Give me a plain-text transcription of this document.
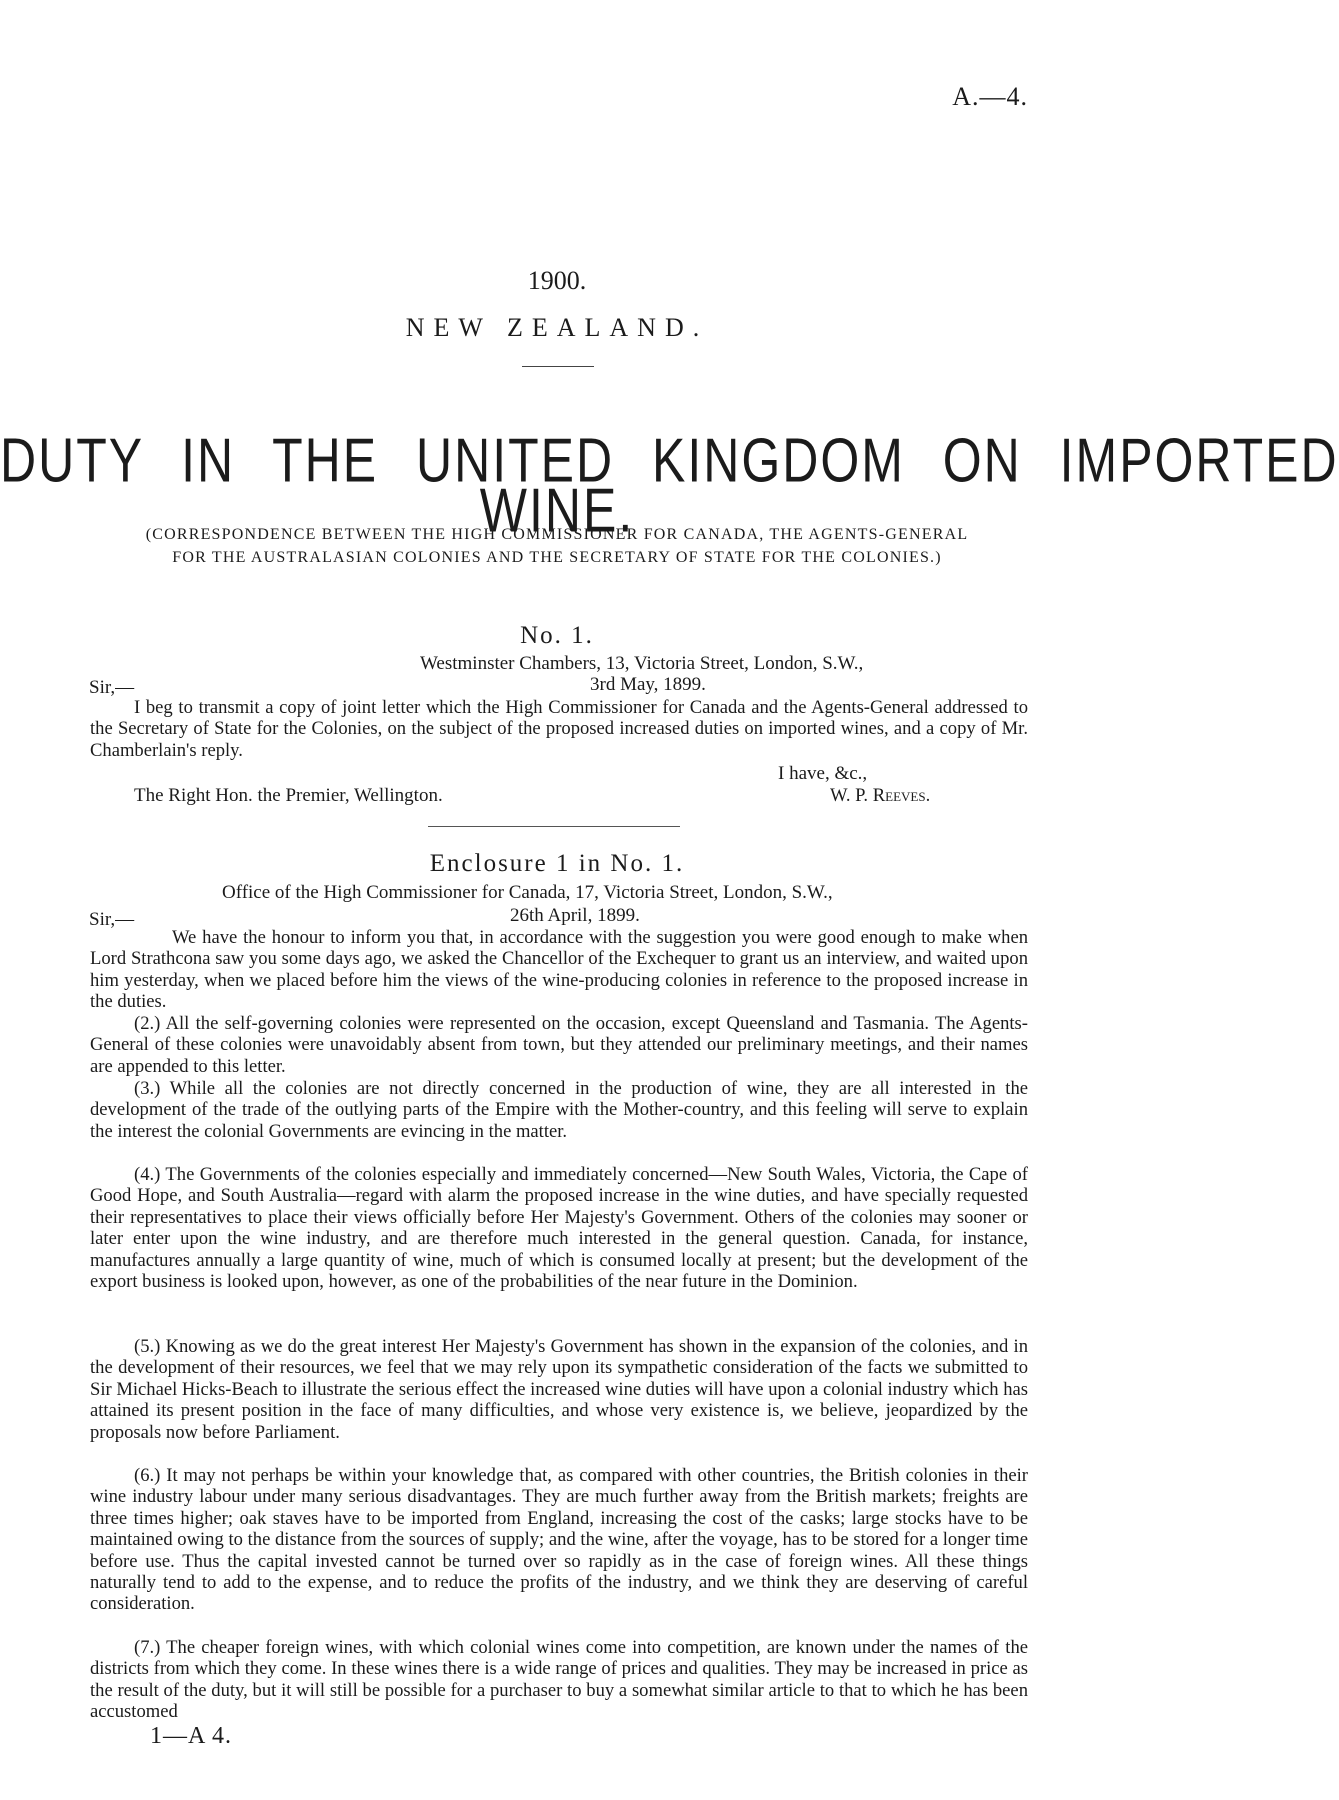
A.—4.
1900.
NEW ZEALAND.
DUTY IN THE UNITED KINGDOM ON IMPORTED
WINE.
(CORRESPONDENCE BETWEEN THE HIGH COMMISSIONER FOR CANADA, THE AGENTS-GENERAL
FOR THE AUSTRALASIAN COLONIES AND THE SECRETARY OF STATE FOR THE COLONIES.)
No. 1.
Westminster Chambers, 13, Victoria Street, London, S.W.,
Sir,—	3rd May, 1899.

I beg to transmit a copy of joint letter which the High Commissioner for Canada and the Agents-General addressed to the Secretary of State for the Colonies, on the subject of the proposed increased duties on imported wines, and a copy of Mr. Chamberlain's reply.

I have, &c.,
The Right Hon. the Premier, Wellington.	W. P. Reeves.
Enclosure 1 in No. 1.
Office of the High Commissioner for Canada, 17, Victoria Street, London, S.W.,
Sir,—	26th April, 1899.

We have the honour to inform you that, in accordance with the suggestion you were good enough to make when Lord Strathcona saw you some days ago, we asked the Chancellor of the Exchequer to grant us an interview, and waited upon him yesterday, when we placed before him the views of the wine-producing colonies in reference to the proposed increase in the duties.

(2.) All the self-governing colonies were represented on the occasion, except Queensland and Tasmania. The Agents-General of these colonies were unavoidably absent from town, but they attended our preliminary meetings, and their names are appended to this letter.

(3.) While all the colonies are not directly concerned in the production of wine, they are all interested in the development of the trade of the outlying parts of the Empire with the Mother-country, and this feeling will serve to explain the interest the colonial Governments are evincing in the matter.

(4.) The Governments of the colonies especially and immediately concerned—New South Wales, Victoria, the Cape of Good Hope, and South Australia—regard with alarm the proposed increase in the wine duties, and have specially requested their representatives to place their views officially before Her Majesty's Government. Others of the colonies may sooner or later enter upon the wine industry, and are therefore much interested in the general question. Canada, for instance, manufactures annually a large quantity of wine, much of which is consumed locally at present; but the development of the export business is looked upon, however, as one of the probabilities of the near future in the Dominion.

(5.) Knowing as we do the great interest Her Majesty's Government has shown in the expansion of the colonies, and in the development of their resources, we feel that we may rely upon its sympathetic consideration of the facts we submitted to Sir Michael Hicks-Beach to illustrate the serious effect the increased wine duties will have upon a colonial industry which has attained its present position in the face of many difficulties, and whose very existence is, we believe, jeopardized by the proposals now before Parliament.

(6.) It may not perhaps be within your knowledge that, as compared with other countries, the British colonies in their wine industry labour under many serious disadvantages. They are much further away from the British markets; freights are three times higher; oak staves have to be imported from England, increasing the cost of the casks; large stocks have to be maintained owing to the distance from the sources of supply; and the wine, after the voyage, has to be stored for a longer time before use. Thus the capital invested cannot be turned over so rapidly as in the case of foreign wines. All these things naturally tend to add to the expense, and to reduce the profits of the industry, and we think they are deserving of careful consideration.

(7.) The cheaper foreign wines, with which colonial wines come into competition, are known under the names of the districts from which they come. In these wines there is a wide range of prices and qualities. They may be increased in price as the result of the duty, but it will still be possible for a purchaser to buy a somewhat similar article to that to which he has been accustomed

1—A 4.
